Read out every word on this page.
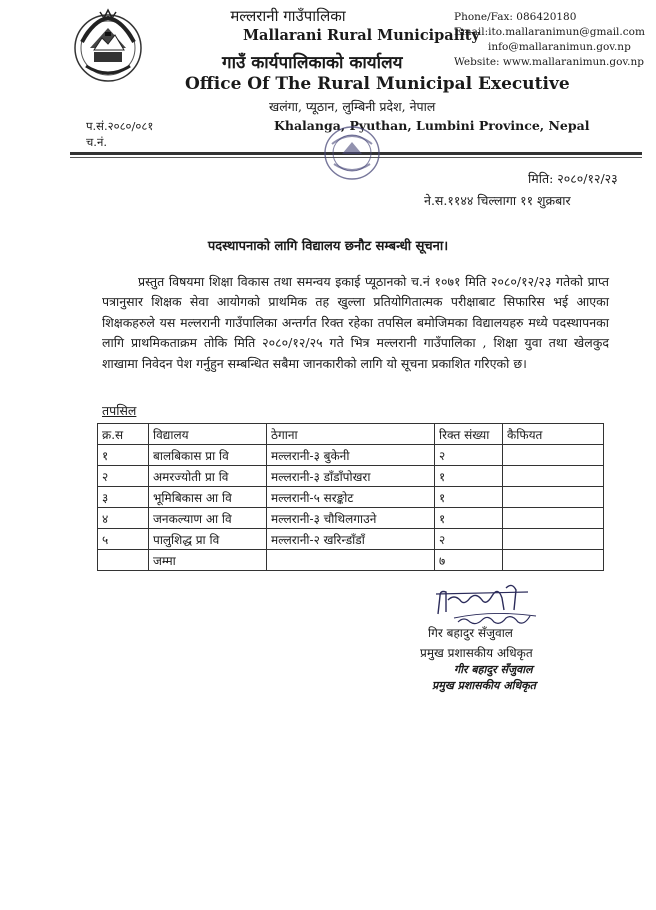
मल्लरानी गाउँपालिका
Mallarani Rural Municipality
गाउँ कार्यपालिकाको कार्यालय
Office Of The Rural Municipal Executive
खलंगा, प्यूठान, लुम्बिनी प्रदेश, नेपाल
Khalanga, Pyuthan, Lumbini Province, Nepal
Phone/Fax: 086420180
Email:ito.mallaranimun@gmail.com
info@mallaranimun.gov.np
Website: www.mallaranimun.gov.np
प.सं.२०८०/०८१
च.नं.
मिति: २०८०/१२/२३
ने.स.११४४ चिल्लागा ११ शुक्रबार
पदस्थापनाको लागि विद्यालय छनौट सम्बन्धी सूचना।

प्रस्तुत विषयमा शिक्षा विकास तथा समन्वय इकाई प्यूठानको च.नं १०७१ मिति २०८०/१२/२३ गतेको प्राप्त पत्रानुसार शिक्षक सेवा आयोगको प्राथमिक तह खुल्ला प्रतियोगितात्मक परीक्षाबाट सिफारिस भई आएका शिक्षकहरुले यस मल्लरानी गाउँपालिका अन्तर्गत रिक्त रहेका तपसिल बमोजिमका विद्यालयहरु मध्ये पदस्थापनका लागि प्राथमिकताक्रम तोकि मिति २०८०/१२/२५ गते भित्र मल्लरानी गाउँपालिका , शिक्षा युवा तथा खेलकुद शाखामा निवेदन पेश गर्नुहुन सम्बन्धित सबैमा जानकारीको लागि यो सूचना प्रकाशित गरिएको छ।

तपसिल
क्र.स	विद्यालय	ठेगाना	रिक्त संख्या	कैफियत
१	बालबिकास प्रा वि	मल्लरानी-३ बुकेनी	२	
२	अमरज्योती प्रा वि	मल्लरानी-३ डाँडाँपोखरा	१	
३	भूमिबिकास आ वि	मल्लरानी-५ सरङ्कोट	१	
४	जनकल्याण आ वि	मल्लरानी-३ चौथिलगाउने	१	
५	पालुशिद्ध प्रा वि	मल्लरानी-२ खरिन्डाँडाँ	२	
	जम्मा		७	
गिर बहादुर सँजुवाल
प्रमुख प्रशासकीय अधिकृत
गीर बहादुर सँजुवाल
प्रमुख प्रशासकीय अधिकृत
